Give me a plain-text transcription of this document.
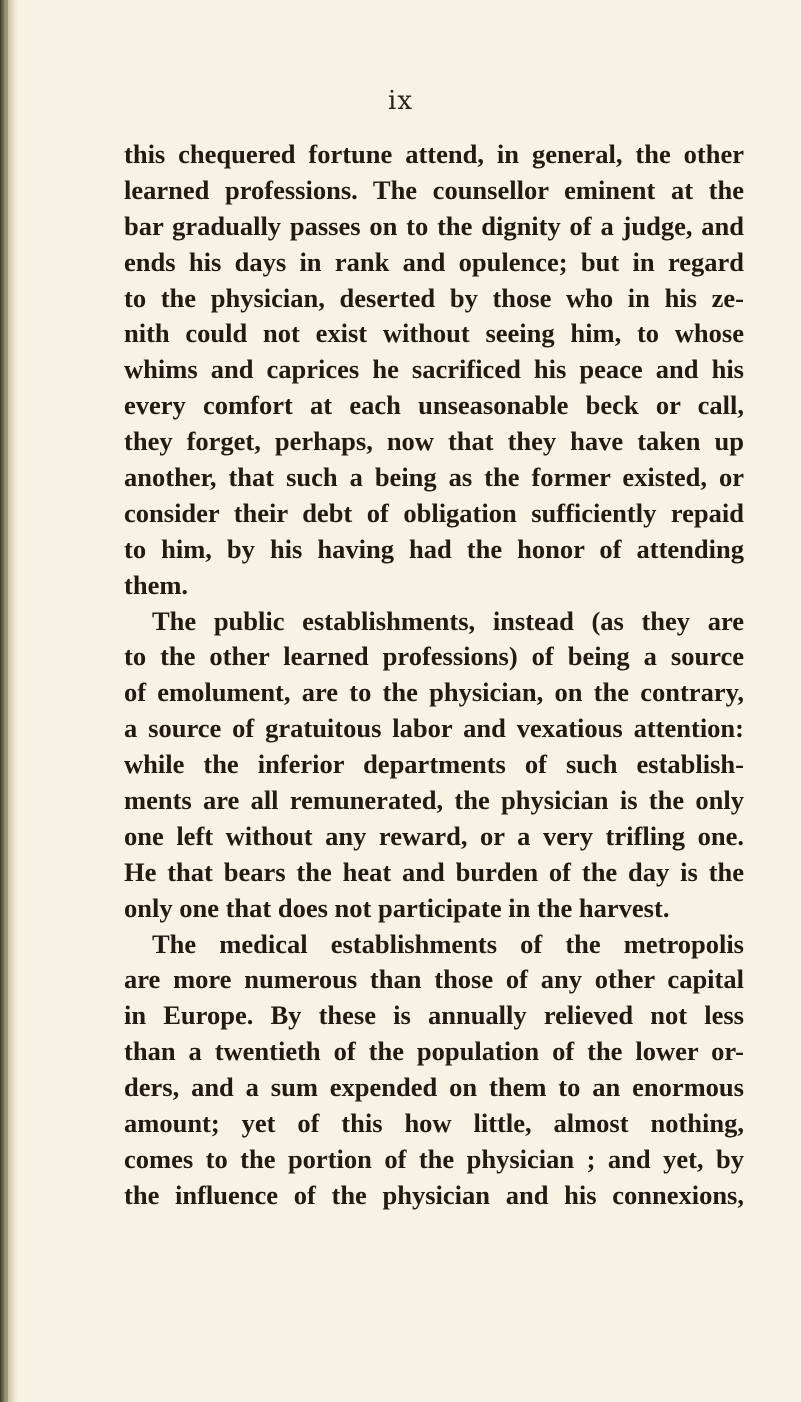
ix
this chequered fortune attend, in general, the other
learned professions. The counsellor eminent at the
bar gradually passes on to the dignity of a judge, and
ends his days in rank and opulence; but in regard
to the physician, deserted by those who in his ze-
nith could not exist without seeing him, to whose
whims and caprices he sacrificed his peace and his
every comfort at each unseasonable beck or call,
they forget, perhaps, now that they have taken up
another, that such a being as the former existed, or
consider their debt of obligation sufficiently repaid
to him, by his having had the honor of attending
them.
The public establishments, instead (as they are
to the other learned professions) of being a source
of emolument, are to the physician, on the contrary,
a source of gratuitous labor and vexatious attention:
while the inferior departments of such establish-
ments are all remunerated, the physician is the only
one left without any reward, or a very trifling one.
He that bears the heat and burden of the day is the
only one that does not participate in the harvest.
The medical establishments of the metropolis
are more numerous than those of any other capital
in Europe. By these is annually relieved not less
than a twentieth of the population of the lower or-
ders, and a sum expended on them to an enormous
amount; yet of this how little, almost nothing,
comes to the portion of the physician ; and yet, by
the influence of the physician and his connexions,
